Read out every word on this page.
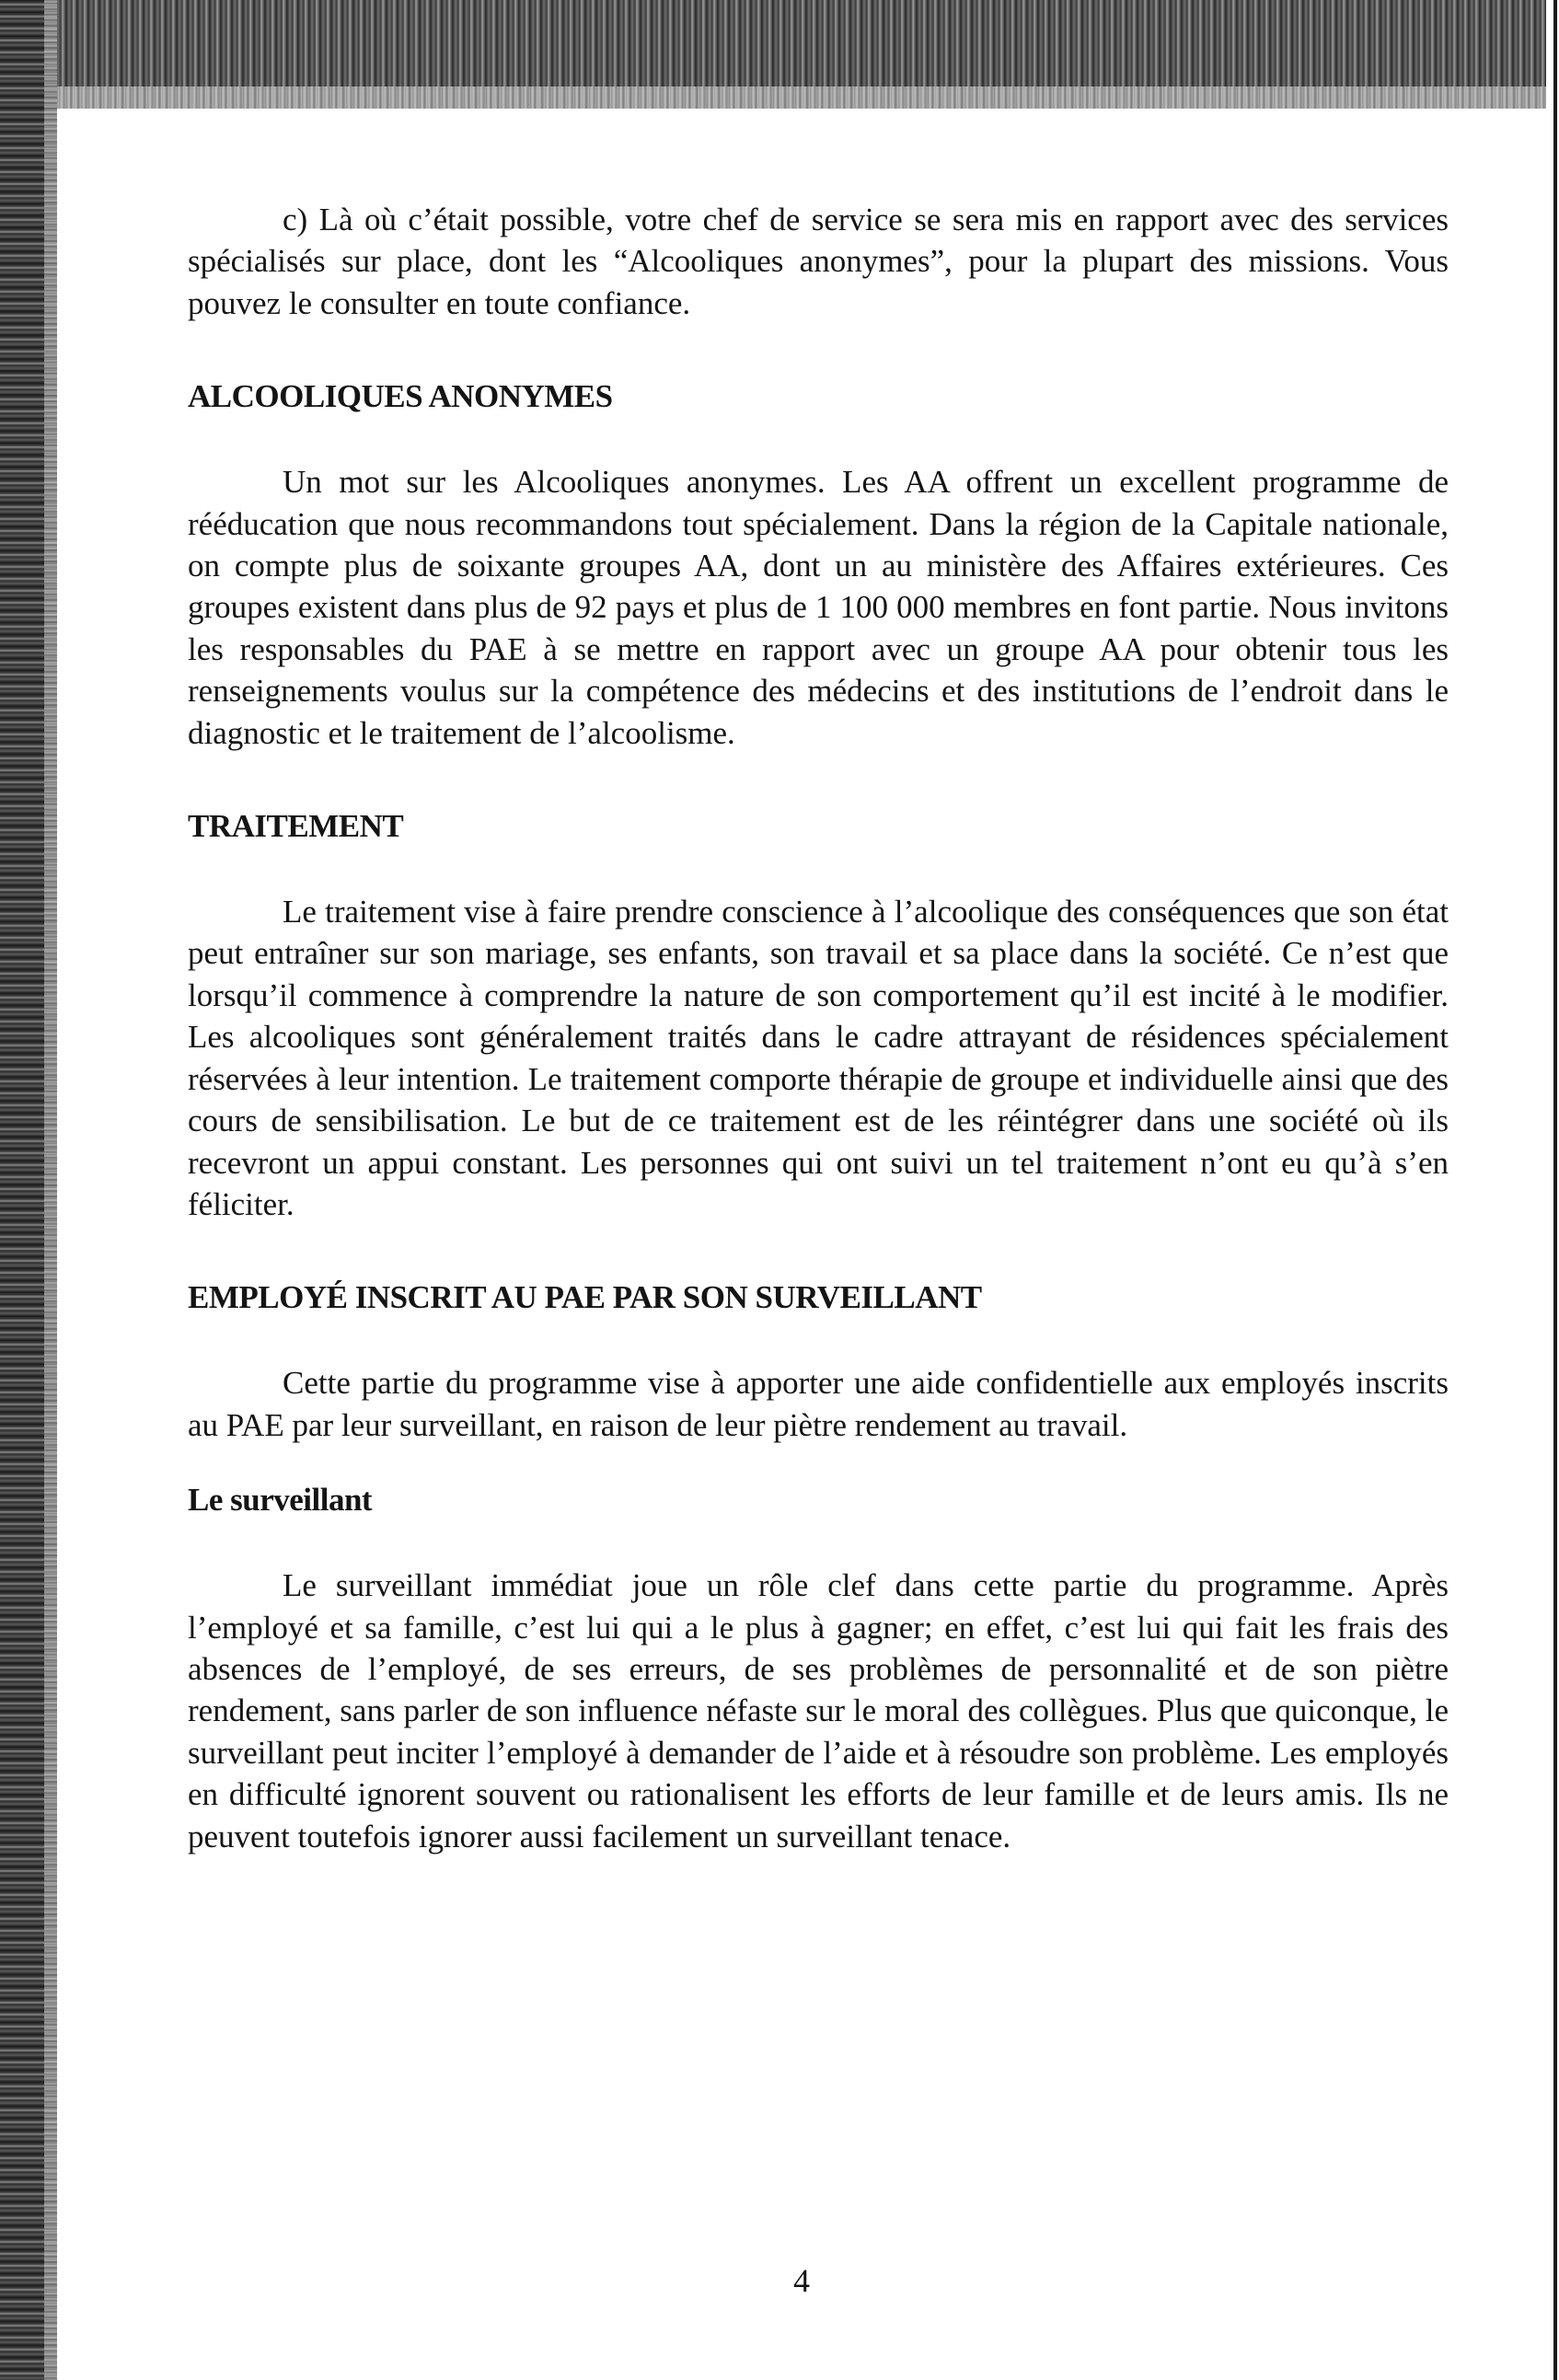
c) Là où c’était possible, votre chef de service se sera mis en rapport avec des services spécialisés sur place, dont les “Alcooliques anonymes”, pour la plupart des missions. Vous pouvez le consulter en toute confiance.

ALCOOLIQUES ANONYMES

Un mot sur les Alcooliques anonymes. Les AA offrent un excellent programme de rééducation que nous recommandons tout spécialement. Dans la région de la Capitale nationale, on compte plus de soixante groupes AA, dont un au ministère des Affaires extérieures. Ces groupes existent dans plus de 92 pays et plus de 1 100 000 membres en font partie. Nous invitons les responsables du PAE à se mettre en rapport avec un groupe AA pour obtenir tous les renseignements voulus sur la compétence des médecins et des institutions de l’endroit dans le diagnostic et le traitement de l’alcoolisme.

TRAITEMENT

Le traitement vise à faire prendre conscience à l’alcoolique des conséquences que son état peut entraîner sur son mariage, ses enfants, son travail et sa place dans la société. Ce n’est que lorsqu’il commence à comprendre la nature de son comportement qu’il est incité à le modifier. Les alcooliques sont généralement traités dans le cadre attrayant de résidences spécialement réservées à leur intention. Le traitement comporte thérapie de groupe et individuelle ainsi que des cours de sensibilisation. Le but de ce traitement est de les réintégrer dans une société où ils recevront un appui constant. Les personnes qui ont suivi un tel traitement n’ont eu qu’à s’en féliciter.

EMPLOYÉ INSCRIT AU PAE PAR SON SURVEILLANT

Cette partie du programme vise à apporter une aide confidentielle aux employés inscrits au PAE par leur surveillant, en raison de leur piètre rendement au travail.

Le surveillant

Le surveillant immédiat joue un rôle clef dans cette partie du programme. Après l’employé et sa famille, c’est lui qui a le plus à gagner; en effet, c’est lui qui fait les frais des absences de l’employé, de ses erreurs, de ses problèmes de personnalité et de son piètre rendement, sans parler de son influence néfaste sur le moral des collègues. Plus que quiconque, le surveillant peut inciter l’employé à demander de l’aide et à résoudre son problème. Les employés en difficulté ignorent souvent ou rationalisent les efforts de leur famille et de leurs amis. Ils ne peuvent toutefois ignorer aussi facilement un surveillant tenace.

4
